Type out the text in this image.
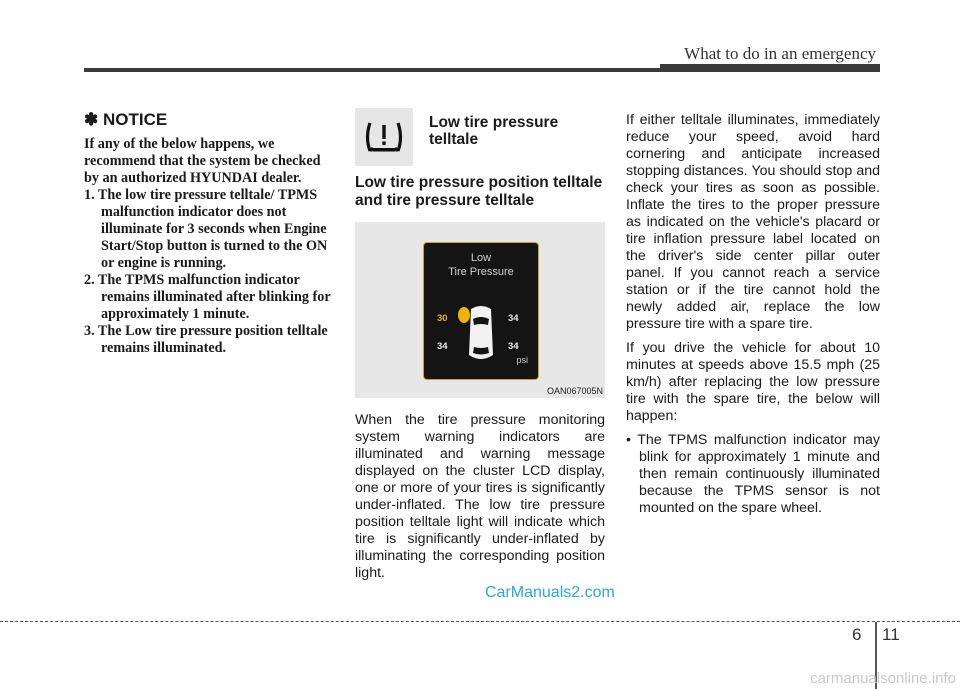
What to do in an emergency
✽ NOTICE

If any of the below happens, we recommend that the system be checked by an authorized HYUNDAI dealer.

1. The low tire pressure telltale/ TPMS malfunction indicator does not illuminate for 3 seconds when Engine Start/Stop button is turned to the ON or engine is running.
2. The TPMS malfunction indicator remains illuminated after blinking for approximately 1 minute.
3. The Low tire pressure position telltale remains illuminated.
Low tire pressure telltale
Low tire pressure position telltale and tire pressure telltale
Low
Tire Pressure
30	34
34	34
psi
OAN067005N

When the tire pressure monitoring system warning indicators are illuminated and warning message displayed on the cluster LCD display, one or more of your tires is significantly under-inflated. The low tire pressure position telltale light will indicate which tire is significantly under-inflated by illuminating the corresponding position light.

If either telltale illuminates, immediately reduce your speed, avoid hard cornering and anticipate increased stopping distances. You should stop and check your tires as soon as possible. Inflate the tires to the proper pressure as indicated on the vehicle's placard or tire inflation pressure label located on the driver's side center pillar outer panel. If you cannot reach a service station or if the tire cannot hold the newly added air, replace the low pressure tire with a spare tire.

If you drive the vehicle for about 10 minutes at speeds above 15.5 mph (25 km/h) after replacing the low pressure tire with the spare tire, the below will happen:

• The TPMS malfunction indicator may blink for approximately 1 minute and then remain continuously illuminated because the TPMS sensor is not mounted on the spare wheel.
CarManuals2.com
6 11
carmanualsonline.info
